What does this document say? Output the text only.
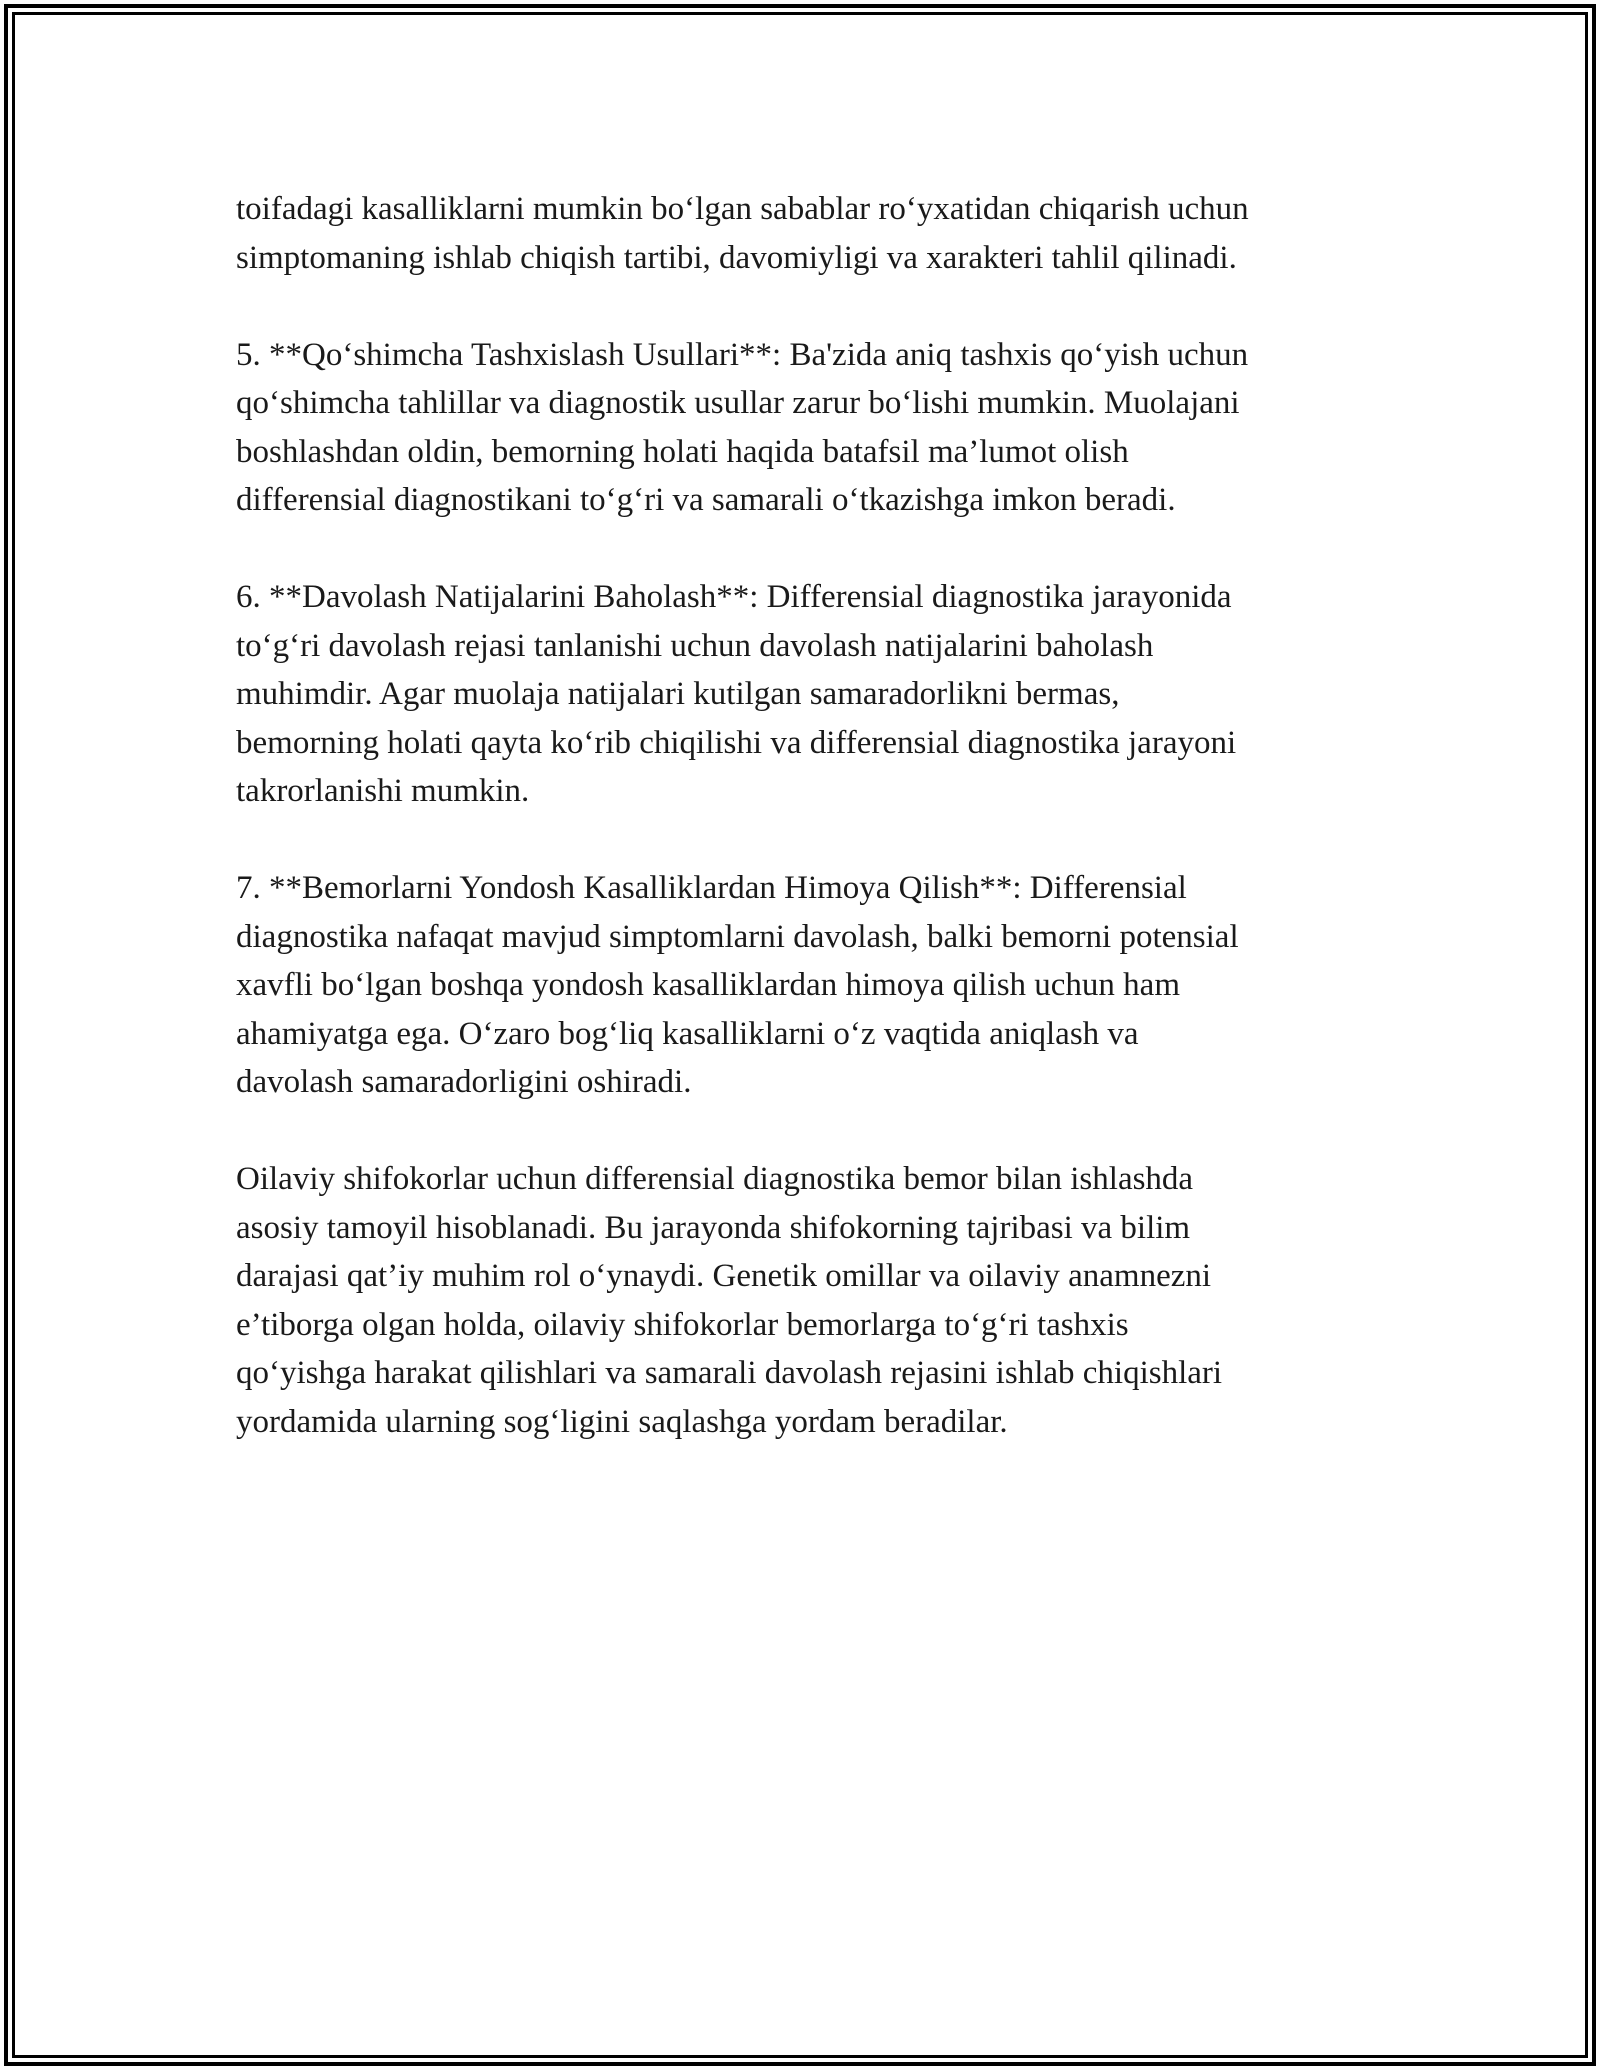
toifadagi kasalliklarni mumkin bo‘lgan sabablar ro‘yxatidan chiqarish uchun
simptomaning ishlab chiqish tartibi, davomiyligi va xarakteri tahlil qilinadi.

5. **Qo‘shimcha Tashxislash Usullari**: Ba'zida aniq tashxis qo‘yish uchun
qo‘shimcha tahlillar va diagnostik usullar zarur bo‘lishi mumkin. Muolajani
boshlashdan oldin, bemorning holati haqida batafsil ma’lumot olish
differensial diagnostikani to‘g‘ri va samarali o‘tkazishga imkon beradi.

6. **Davolash Natijalarini Baholash**: Differensial diagnostika jarayonida
to‘g‘ri davolash rejasi tanlanishi uchun davolash natijalarini baholash
muhimdir. Agar muolaja natijalari kutilgan samaradorlikni bermas,
bemorning holati qayta ko‘rib chiqilishi va differensial diagnostika jarayoni
takrorlanishi mumkin.

7. **Bemorlarni Yondosh Kasalliklardan Himoya Qilish**: Differensial
diagnostika nafaqat mavjud simptomlarni davolash, balki bemorni potensial
xavfli bo‘lgan boshqa yondosh kasalliklardan himoya qilish uchun ham
ahamiyatga ega. O‘zaro bog‘liq kasalliklarni o‘z vaqtida aniqlash va
davolash samaradorligini oshiradi.

Oilaviy shifokorlar uchun differensial diagnostika bemor bilan ishlashda
asosiy tamoyil hisoblanadi. Bu jarayonda shifokorning tajribasi va bilim
darajasi qat’iy muhim rol o‘ynaydi. Genetik omillar va oilaviy anamnezni
e’tiborga olgan holda, oilaviy shifokorlar bemorlarga to‘g‘ri tashxis
qo‘yishga harakat qilishlari va samarali davolash rejasini ishlab chiqishlari
yordamida ularning sog‘ligini saqlashga yordam beradilar.
